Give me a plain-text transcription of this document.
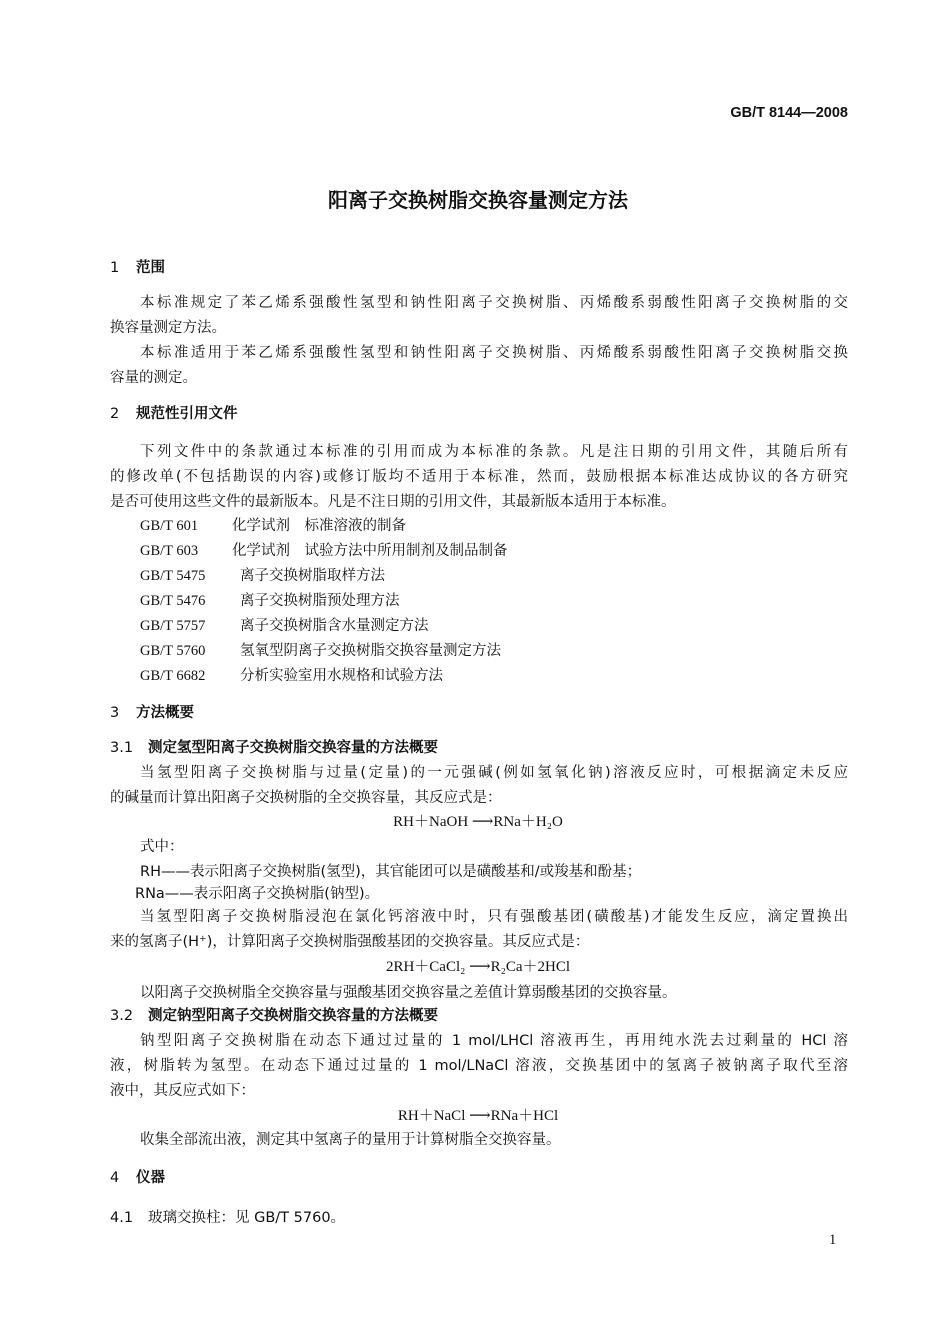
GB/T 8144—2008
阳离子交换树脂交换容量测定方法
1 范围
本标准规定了苯乙烯系强酸性氢型和钠性阳离子交换树脂、丙烯酸系弱酸性阳离子交换树脂的交
换容量测定方法。
本标准适用于苯乙烯系强酸性氢型和钠性阳离子交换树脂、丙烯酸系弱酸性阳离子交换树脂交换
容量的测定。
2 规范性引用文件
下列文件中的条款通过本标准的引用而成为本标准的条款。凡是注日期的引用文件，其随后所有
的修改单(不包括勘误的内容)或修订版均不适用于本标准，然而，鼓励根据本标准达成协议的各方研究
是否可使用这些文件的最新版本。凡是不注日期的引用文件，其最新版本适用于本标准。
GB/T 601 化学试剂　标准溶液的制备
GB/T 603 化学试剂　试验方法中所用制剂及制品制备
GB/T 5475 离子交换树脂取样方法
GB/T 5476 离子交换树脂预处理方法
GB/T 5757 离子交换树脂含水量测定方法
GB/T 5760 氢氧型阴离子交换树脂交换容量测定方法
GB/T 6682 分析实验室用水规格和试验方法
3 方法概要
3.1 测定氢型阳离子交换树脂交换容量的方法概要
当氢型阳离子交换树脂与过量(定量)的一元强碱(例如氢氧化钠)溶液反应时，可根据滴定未反应
的碱量而计算出阳离子交换树脂的全交换容量，其反应式是：
RH＋NaOH ⟶RNa＋H₂O
式中：
RH——表示阳离子交换树脂(氢型)，其官能团可以是磺酸基和/或羧基和酚基；
RNa——表示阳离子交换树脂(钠型)。
当氢型阳离子交换树脂浸泡在氯化钙溶液中时，只有强酸基团(磺酸基)才能发生反应，滴定置换出
来的氢离子(H⁺)，计算阳离子交换树脂强酸基团的交换容量。其反应式是：
2RH＋CaCl₂ ⟶R₂Ca＋2HCl
以阳离子交换树脂全交换容量与强酸基团交换容量之差值计算弱酸基团的交换容量。
3.2 测定钠型阳离子交换树脂交换容量的方法概要
钠型阳离子交换树脂在动态下通过过量的 1 mol/LHCl 溶液再生，再用纯水洗去过剩量的 HCl 溶
液，树脂转为氢型。在动态下通过过量的 1 mol/LNaCl 溶液，交换基团中的氢离子被钠离子取代至溶
液中，其反应式如下：
RH＋NaCl ⟶RNa＋HCl
收集全部流出液，测定其中氢离子的量用于计算树脂全交换容量。
4 仪器
4.1 玻璃交换柱：见 GB/T 5760。
1
